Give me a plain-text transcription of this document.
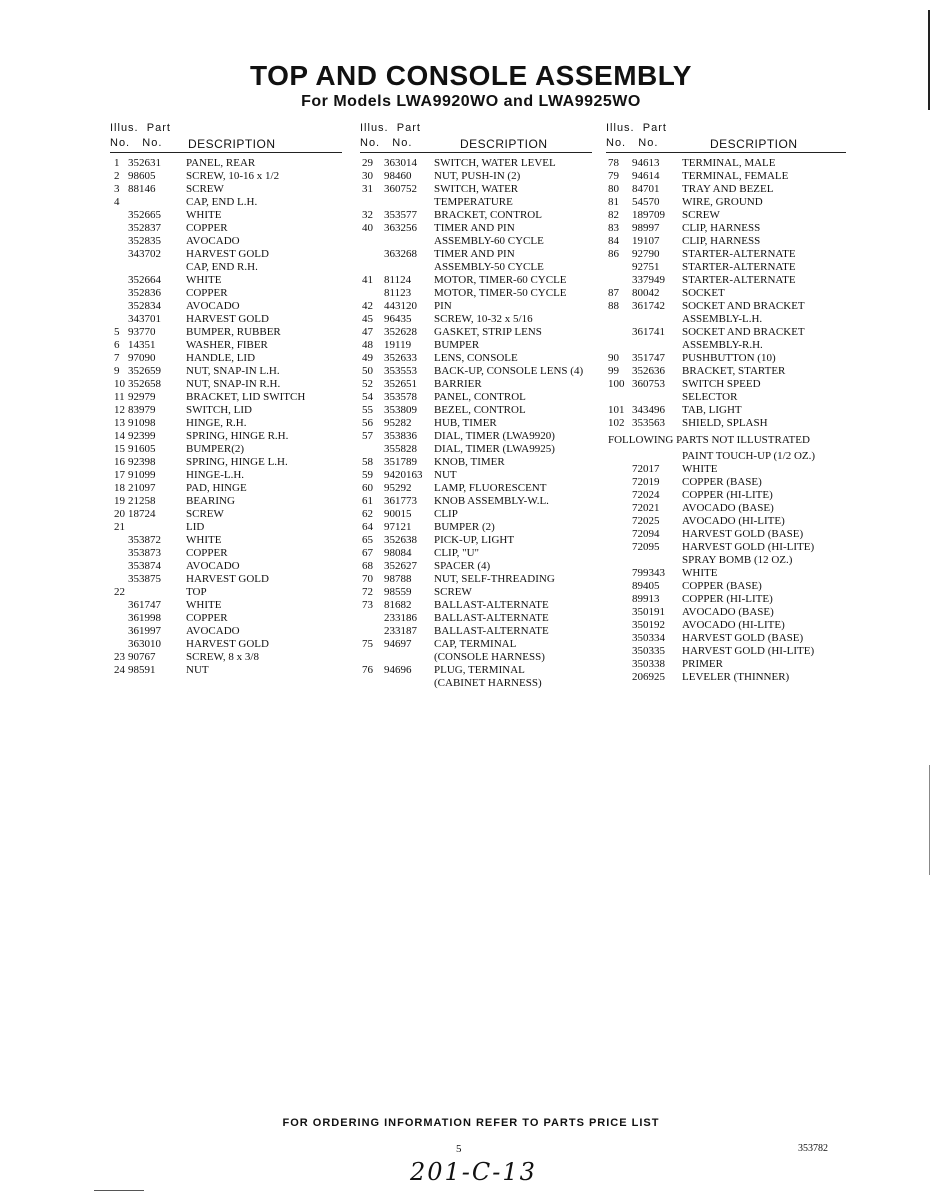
TOP AND CONSOLE ASSEMBLY
For Models LWA9920WO and LWA9925WO
Illus. Part
No. No. DESCRIPTION
1 352631 PANEL, REAR
2 98605	SCREW, 10-16 x 1/2
3 88146	SCREW
4	CAP, END L.H.
352665 WHITE
352837 COPPER
352835 AVOCADO
343702 HARVEST GOLD
CAP, END R.H.
352664 WHITE
352836 COPPER
352834 AVOCADO
343701 HARVEST GOLD
5 93770	BUMPER, RUBBER
6 14351	WASHER, FIBER
7 97090	HANDLE, LID
9 352659 NUT, SNAP-IN L.H.
10 352658 NUT, SNAP-IN R.H.
11 92979	BRACKET, LID SWITCH
12 83979	SWITCH, LID
13 91098	HINGE, R.H.
14 92399	SPRING, HINGE R.H.
15 91605	BUMPER(2)
16 92398	SPRING, HINGE L.H.
17 91099	HINGE-L.H.
18 21097	PAD, HINGE
19 21258	BEARING
20 18724	SCREW
21	LID
353872 WHITE
353873 COPPER
353874 AVOCADO
353875 HARVEST GOLD
22	TOP
361747 WHITE
361998 COPPER
361997 AVOCADO
363010 HARVEST GOLD
23 90767	SCREW, 8 x 3/8
24 98591	NUT
Illus. Part
No. No.	DESCRIPTION
29 363014 SWITCH, WATER LEVEL
30 98460 NUT, PUSH-IN (2)
31 360752 SWITCH, WATER
TEMPERATURE
32 353577 BRACKET, CONTROL
40 363256 TIMER AND PIN
ASSEMBLY-60 CYCLE
363268 TIMER AND PIN
ASSEMBLY-50 CYCLE
41 81124 MOTOR, TIMER-60 CYCLE
81123 MOTOR, TIMER-50 CYCLE
42 443120 PIN
45 96435 SCREW, 10-32 x 5/16
47 352628 GASKET, STRIP LENS
48 19119 BUMPER
49 352633 LENS, CONSOLE
50 353553 BACK-UP, CONSOLE LENS (4)
52 352651 BARRIER
54 353578 PANEL, CONTROL
55 353809 BEZEL, CONTROL
56 95282 HUB, TIMER
57 353836 DIAL, TIMER (LWA9920)
355828 DIAL, TIMER (LWA9925)
58 351789 KNOB, TIMER
59 9420163 NUT
60 95292 LAMP, FLUORESCENT
61 361773 KNOB ASSEMBLY-W.L.
62 90015 CLIP
64 97121 BUMPER (2)
65 352638 PICK-UP, LIGHT
67 98084 CLIP, "U"
68 352627 SPACER (4)
70 98788 NUT, SELF-THREADING
72 98559 SCREW
73 81682 BALLAST-ALTERNATE
233186 BALLAST-ALTERNATE
233187 BALLAST-ALTERNATE
75 94697 CAP, TERMINAL
(CONSOLE HARNESS)
76 94696 PLUG, TERMINAL
(CABINET HARNESS)
Illus. Part
No. No.	DESCRIPTION
78 94613 TERMINAL, MALE
79 94614 TERMINAL, FEMALE
80 84701 TRAY AND BEZEL
81 54570 WIRE, GROUND
82 189709 SCREW
83 98997 CLIP, HARNESS
84 19107 CLIP, HARNESS
86 92790 STARTER-ALTERNATE
92751 STARTER-ALTERNATE
337949 STARTER-ALTERNATE
87 80042 SOCKET
88 361742 SOCKET AND BRACKET
ASSEMBLY-L.H.
361741 SOCKET AND BRACKET
ASSEMBLY-R.H.
90 351747 PUSHBUTTON (10)
99 352636 BRACKET, STARTER
100 360753 SWITCH SPEED
SELECTOR
101 343496 TAB, LIGHT
102 353563 SHIELD, SPLASH
FOLLOWING PARTS NOT ILLUSTRATED
PAINT TOUCH-UP (1/2 OZ.)
72017 WHITE
72019 COPPER (BASE)
72024 COPPER (HI-LITE)
72021 AVOCADO (BASE)
72025 AVOCADO (HI-LITE)
72094 HARVEST GOLD (BASE)
72095 HARVEST GOLD (HI-LITE)
SPRAY BOMB (12 OZ.)
799343 WHITE
89405 COPPER (BASE)
89913 COPPER (HI-LITE)
350191 AVOCADO (BASE)
350192 AVOCADO (HI-LITE)
350334 HARVEST GOLD (BASE)
350335 HARVEST GOLD (HI-LITE)
350338 PRIMER
206925 LEVELER (THINNER)

FOR ORDERING INFORMATION REFER TO PARTS PRICE LIST

5	353782
201-C-13
